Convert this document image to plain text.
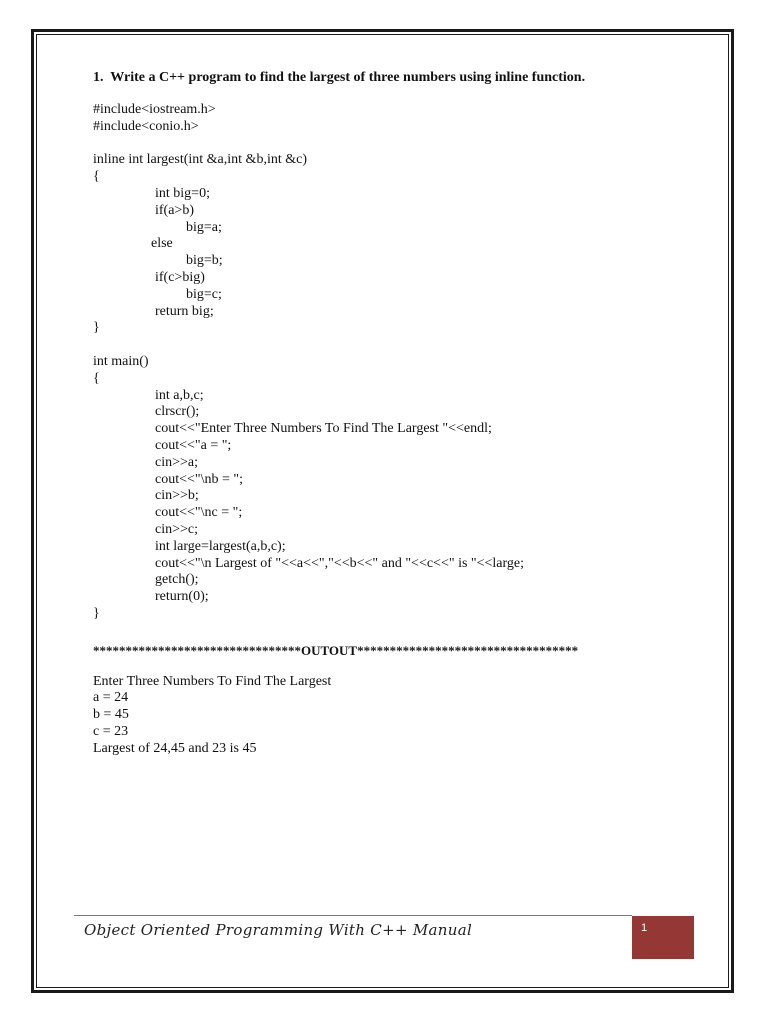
1.  Write a C++ program to find the largest of three numbers using inline function.
#include<iostream.h>
#include<conio.h>
inline int largest(int &a,int &b,int &c)
{
int big=0;
if(a>b)
big=a;
else
big=b;
if(c>big)
big=c;
return big;
}
int main()
{
int a,b,c;
clrscr();
cout<<"Enter Three Numbers To Find The Largest "<<endl;
cout<<"a = ";
cin>>a;
cout<<"\nb = ";
cin>>b;
cout<<"\nc = ";
cin>>c;
int large=largest(a,b,c);
cout<<"\n Largest of "<<a<<","<<b<<" and "<<c<<" is "<<large;
getch();
return(0);
}
********************************OUTOUT**********************************
Enter Three Numbers To Find The Largest
a = 24
b = 45
c = 23
Largest of 24,45 and 23 is 45
Object Oriented Programming With C++ Manual	1
